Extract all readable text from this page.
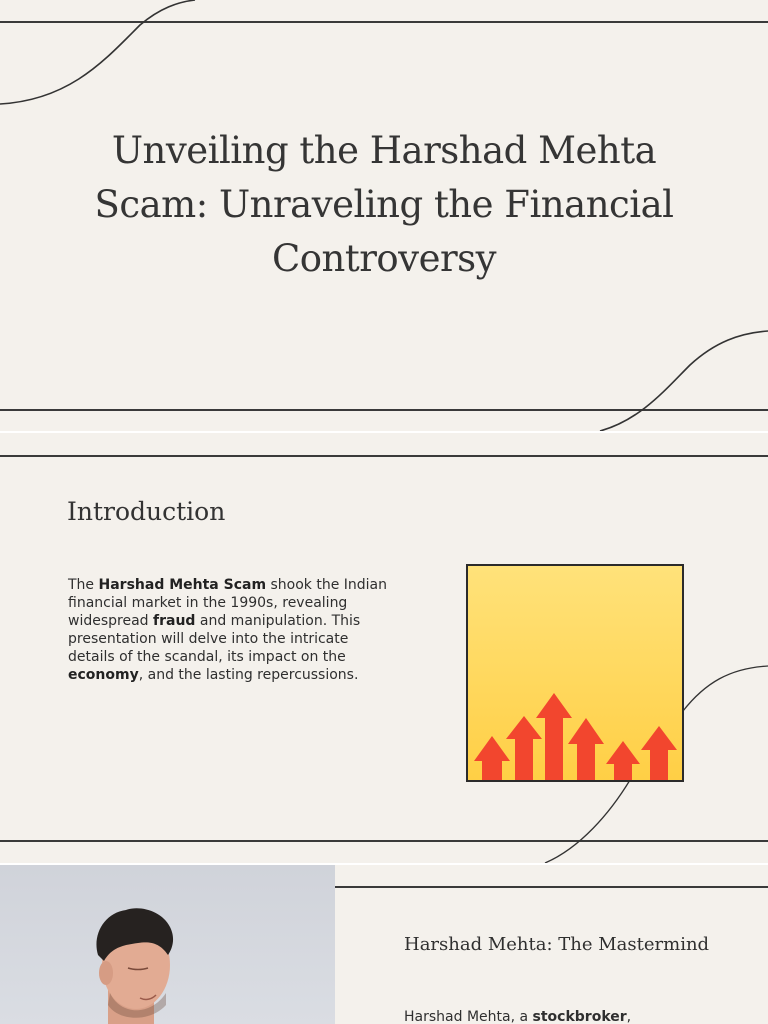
Unveiling the Harshad Mehta Scam: Unraveling the Financial Controversy
Introduction
The Harshad Mehta Scam shook the Indian financial market in the 1990s, revealing widespread fraud and manipulation. This presentation will delve into the intricate details of the scandal, its impact on the economy, and the lasting repercussions.
Harshad Mehta: The Mastermind
Harshad Mehta, a stockbroker,
